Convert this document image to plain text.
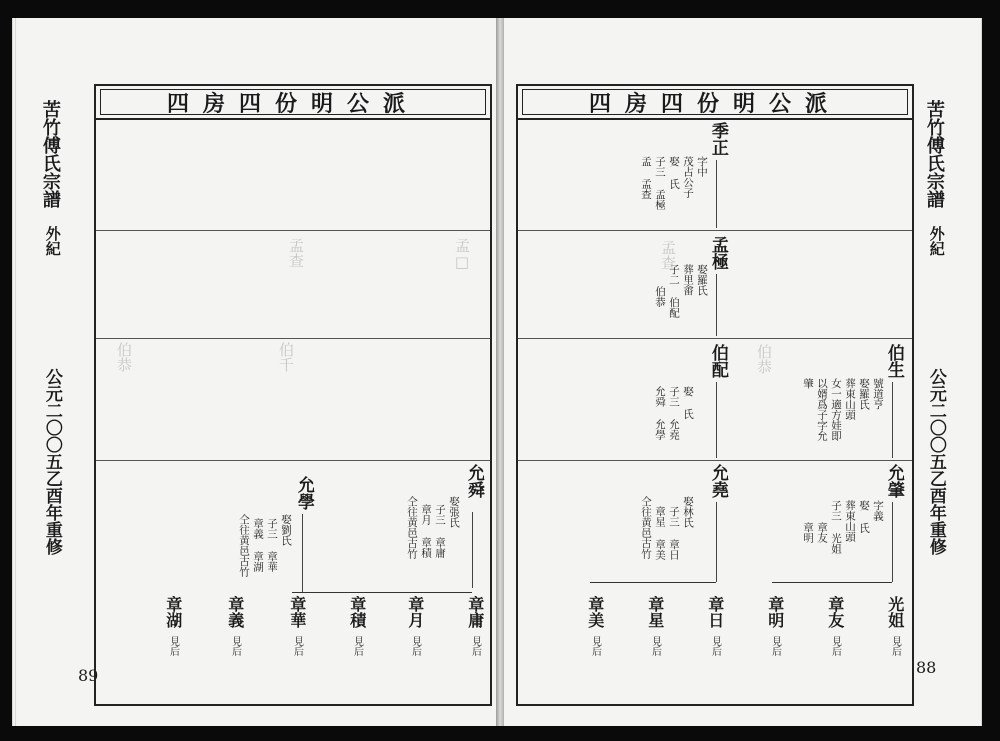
苦竹傅氏宗譜
外紀
公元二〇〇五乙酉年重修
89
四房四份明公派
孟□
孟查
伯千
伯恭
允舜
娶張氏
子三 章庸
章月 章積
仝往黄邑古竹
允學
娶劉氏
子三 章華
章義 章湖
仝往黄邑古竹
章庸
見后
章月
見后
章積
見后
章華
見后
章義
見后
章湖
見后
四房四份明公派
孟查
伯恭
季正
字中
茂占公子
娶 氏
子三 孟極
孟 孟查
孟極
娶羅氏
葬里畬
子二 伯配
伯恭
伯配
娶 氏
子三 允堯
允舜 允學
伯生
號道亨
娶羅氏
葬東山頭
女一適方娃即
以婿爲子字允
肇
允堯
娶林氏
子三 章日
章星 章美
仝往黄邑古竹
允肇
字義
娶 氏
葬東山頭
子三 光姐
章友
章明
光姐
見后
章友
見后
章明
見后
章日
見后
章星
見后
章美
見后
苦竹傅氏宗譜
外紀
公元二〇〇五乙酉年重修
88
